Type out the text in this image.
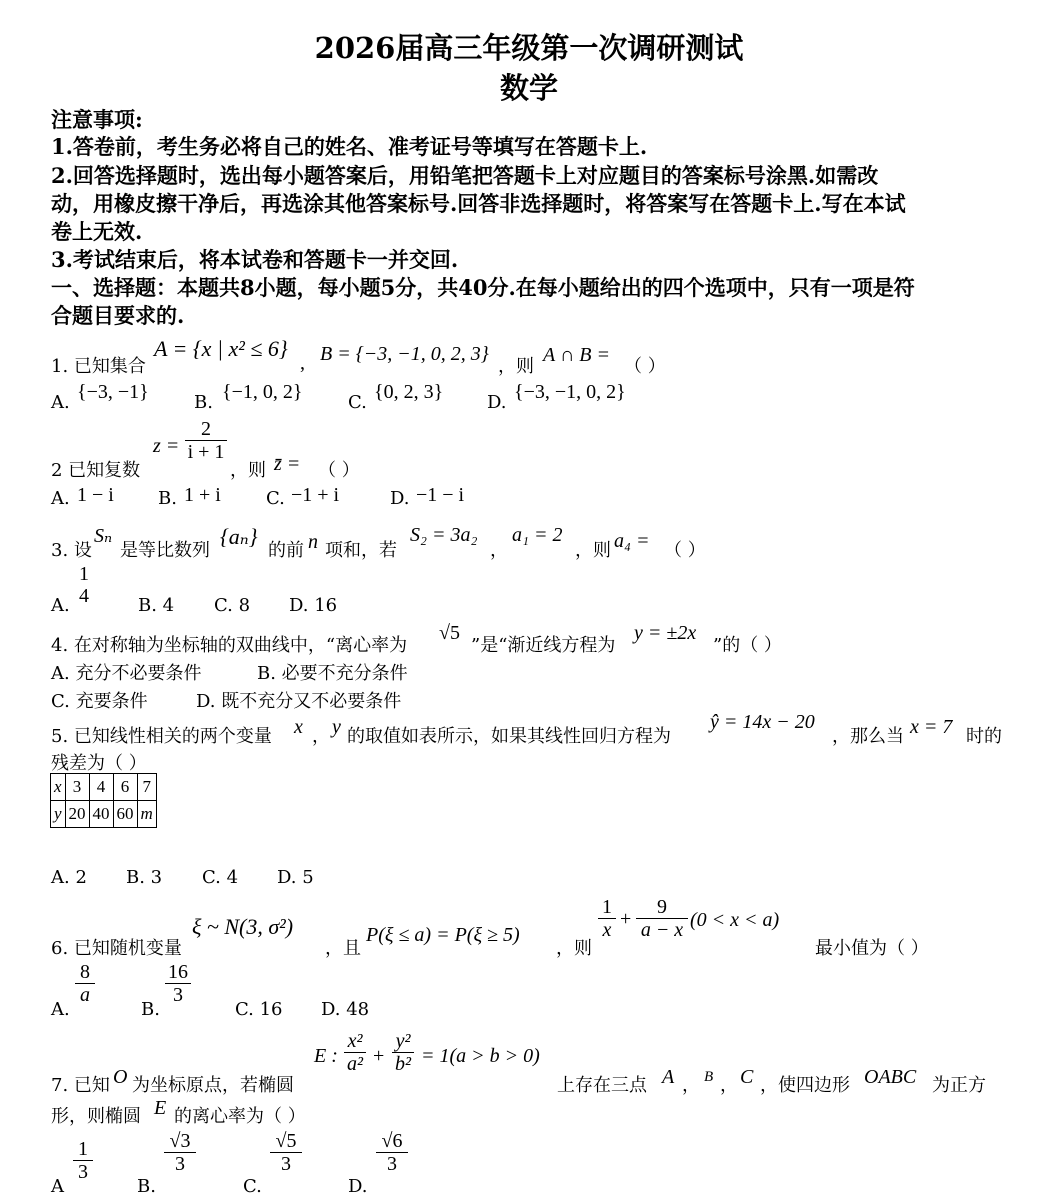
2026届高三年级第一次调研测试
数学
注意事项:
1.答卷前，考生务必将自己的姓名、准考证号等填写在答题卡上.
2.回答选择题时，选出每小题答案后，用铅笔把答题卡上对应题目的答案标号涂黑.如需改
动，用橡皮擦干净后，再选涂其他答案标号.回答非选择题时，将答案写在答题卡上.写在本试
卷上无效.
3.考试结束后，将本试卷和答题卡一并交回.
一、选择题：本题共8小题，每小题5分，共40分.在每小题给出的四个选项中，只有一项是符
合题目要求的.
1. 已知集合
A = {x | x² ≤ 6}
, B = {−3, −1, 0, 2, 3}
，则
A ∩ B =
（ ）
A. {−3, −1}	B. {−1, 0, 2}	C. {0, 2, 3} D. {−3, −1, 0, 2}
2 已知复数
z =
2
i + 1
，则 z̄ = （ ）
A. 1 − i B. 1 + i	C. −1 + i	D. −1 − i
3. 设
Sₙ
是等比数列
{aₙ}
的前 n 项和，若
S₂ = 3a₂
，
a₁ = 2
，则 a₄ = （ ）
A.
1
4	B. 4 C. 8 D. 16
4. 在对称轴为坐标轴的双曲线中，“离心率为
√5
”是“渐近线方程为
y = ±2x
”的（ ）
A. 充分不必要条件	B. 必要不充分条件
C. 充要条件	D. 既不充分又不必要条件
5. 已知线性相关的两个变量 x ， y 的取值如表所示，如果其线性回归方程为
ŷ = 14x − 20
，那么当 x = 7 时的
残差为（ ）
x	3	4	6	7
y	20	40	60	m
A. 2 B. 3 C. 4 D. 5
6. 已知随机变量
ξ ~ N(3, σ²)
，且
P(ξ ≤ a) = P(ξ ≥ 5)
，则
1
x +
9
a − x (0 < x < a)
最小值为（ ）
A.
8
a
B.
16
3
C. 16 D. 48
7. 已知 O 为坐标原点，若椭圆
E :
x²
a² +
y²
b² = 1(a > b > 0)
上存在三点 A ， B ， C ，使四边形 OABC 为正方
形，则椭圆 E 的离心率为（ ）
A
1
3
B.
√3
3
C.
√5
3
D.
√6
3
